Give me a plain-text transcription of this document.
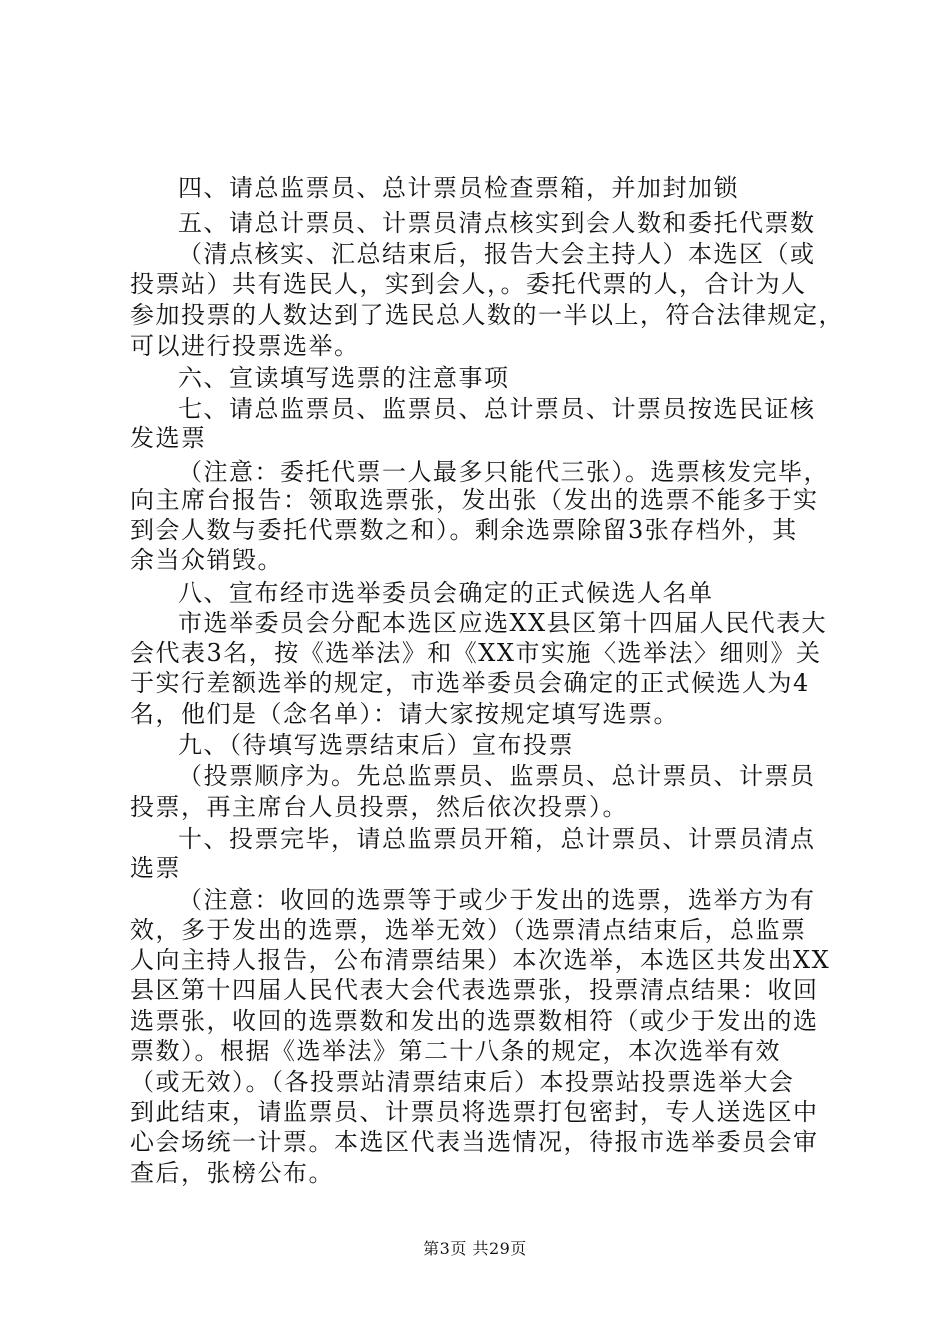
四、请总监票员、总计票员检查票箱，并加封加锁
五、请总计票员、计票员清点核实到会人数和委托代票数
（清点核实、汇总结束后，报告大会主持人）本选区（或
投票站）共有选民人，实到会人，。委托代票的人，合计为人
参加投票的人数达到了选民总人数的一半以上，符合法律规定，
可以进行投票选举。
六、宣读填写选票的注意事项
七、请总监票员、监票员、总计票员、计票员按选民证核
发选票
（注意：委托代票一人最多只能代三张）。选票核发完毕，
向主席台报告：领取选票张，发出张（发出的选票不能多于实
到会人数与委托代票数之和）。剩余选票除留3张存档外，其
余当众销毁。
八、宣布经市选举委员会确定的正式候选人名单
市选举委员会分配本选区应选XX县区第十四届人民代表大
会代表3名，按《选举法》和《XX市实施〈选举法〉细则》关
于实行差额选举的规定，市选举委员会确定的正式候选人为4
名，他们是（念名单）：请大家按规定填写选票。
九、（待填写选票结束后）宣布投票
（投票顺序为。先总监票员、监票员、总计票员、计票员
投票，再主席台人员投票，然后依次投票）。
十、投票完毕，请总监票员开箱，总计票员、计票员清点
选票
（注意：收回的选票等于或少于发出的选票，选举方为有
效，多于发出的选票，选举无效）（选票清点结束后，总监票
人向主持人报告，公布清票结果）本次选举，本选区共发出XX
县区第十四届人民代表大会代表选票张，投票清点结果：收回
选票张，收回的选票数和发出的选票数相符（或少于发出的选
票数）。根据《选举法》第二十八条的规定，本次选举有效
（或无效）。（各投票站清票结束后）本投票站投票选举大会
到此结束，请监票员、计票员将选票打包密封，专人送选区中
心会场统一计票。本选区代表当选情况，待报市选举委员会审
查后，张榜公布。
第3页 共29页
